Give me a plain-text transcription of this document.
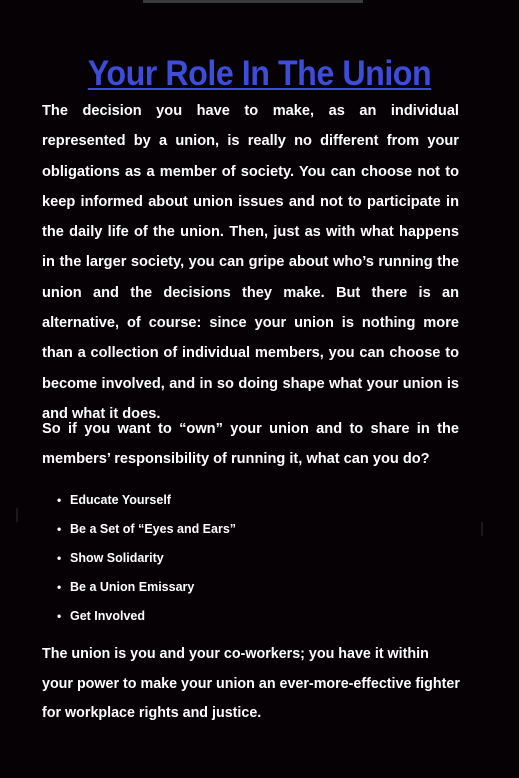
Your Role In The Union

The decision you have to make, as an individual represented by a union, is really no different from your obligations as a member of society. You can choose not to keep informed about union issues and not to participate in the daily life of the union. Then, just as with what happens in the larger society, you can gripe about who’s running the union and the decisions they make. But there is an alternative, of course: since your union is nothing more than a collection of individual members, you can choose to become involved, and in so doing shape what your union is and what it does.

So if you want to “own” your union and to share in the members’ responsibility of running it, what can you do?

• Educate Yourself
• Be a Set of “Eyes and Ears”
• Show Solidarity
• Be a Union Emissary
• Get Involved

The union is you and your co-workers; you have it within your power to make your union an ever-more-effective fighter for workplace rights and justice.
